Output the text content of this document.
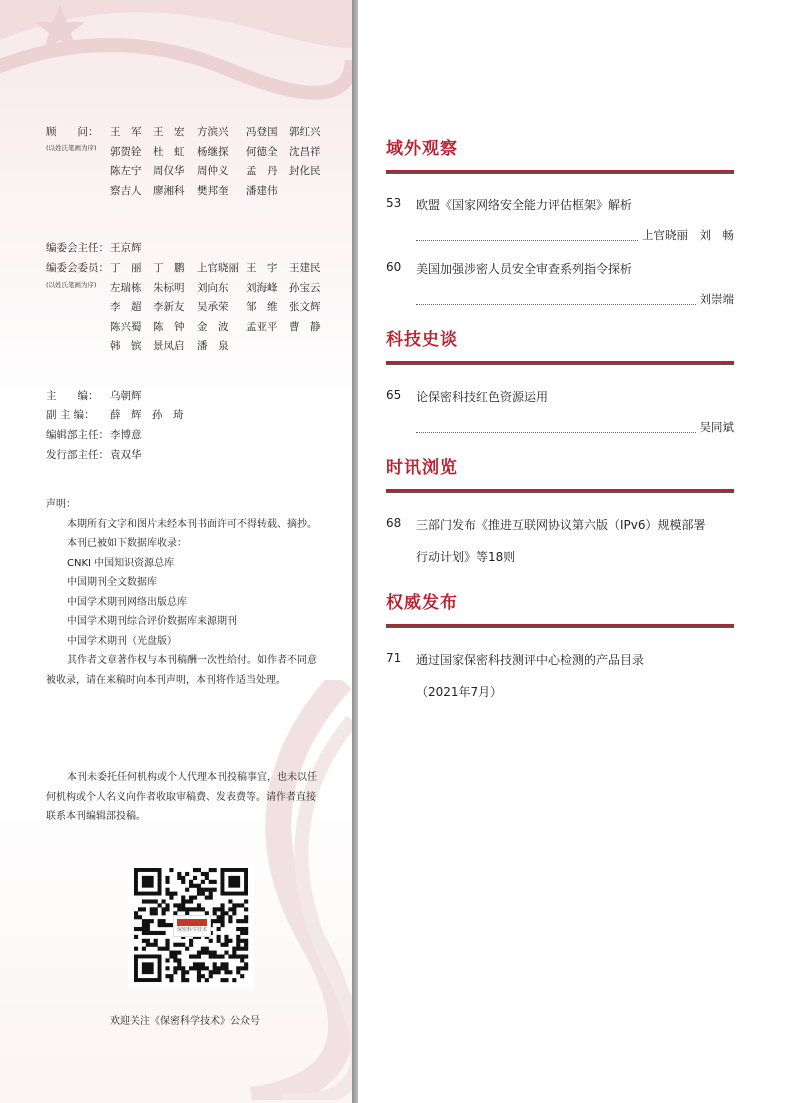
顾　　问：
(以姓氏笔画为序)
王　军 王　宏 方滨兴 冯登国 郭红兴
郭贺铨 杜　虹 杨继探 何德全 沈昌祥
陈左宁 周仅华 周仲义 孟　丹 封化民
察吉人 廖湘科 樊邦奎 潘建伟
编委会主任： 王京辉
编委会委员：
(以姓氏笔画为序)
丁　丽 丁　鹏 上官晓丽 王　宇 王建民
左瑞栋 朱标明 刘向东 刘海峰 孙宝云
李　超 李新友 吴承荣 邹　维 张文辉
陈兴蜀 陈　钟 金　波 孟亚平 曹　静
韩　镔 景凤启 潘　泉
主　　编： 乌朝辉
副 主 编： 薛　辉　孙　琦
编辑部主任： 李博意
发行部主任： 袁双华

声明：

本期所有文字和图片未经本刊书面许可不得转载、摘抄。

本刊已被如下数据库收录：

CNKI 中国知识资源总库

中国期刊全文数据库

中国学术期刊网络出版总库

中国学术期刊综合评价数据库来源期刊

中国学术期刊（光盘版）

其作者文章著作权与本刊稿酬一次性给付。如作者不同意被收录，请在来稿时向本刊声明，本刊将作适当处理。

本刊未委托任何机构或个人代理本刊投稿事宜，也未以任何机构或个人名义向作者收取审稿费、发表费等。请作者直接联系本刊编辑部投稿。

保密科学技术
欢迎关注《保密科学技术》公众号
域外观察
53 欧盟《国家网络安全能力评估框架》解析
上官晓丽　刘　畅
60 美国加强涉密人员安全审查系列指令探析
刘崇端
科技史谈
65 论保密科技红色资源运用
吴同斌
时讯浏览
68 三部门发布《推进互联网协议第六版（IPv6）规模部署
行动计划》等18则
权威发布
71 通过国家保密科技测评中心检测的产品目录
（2021年7月）
